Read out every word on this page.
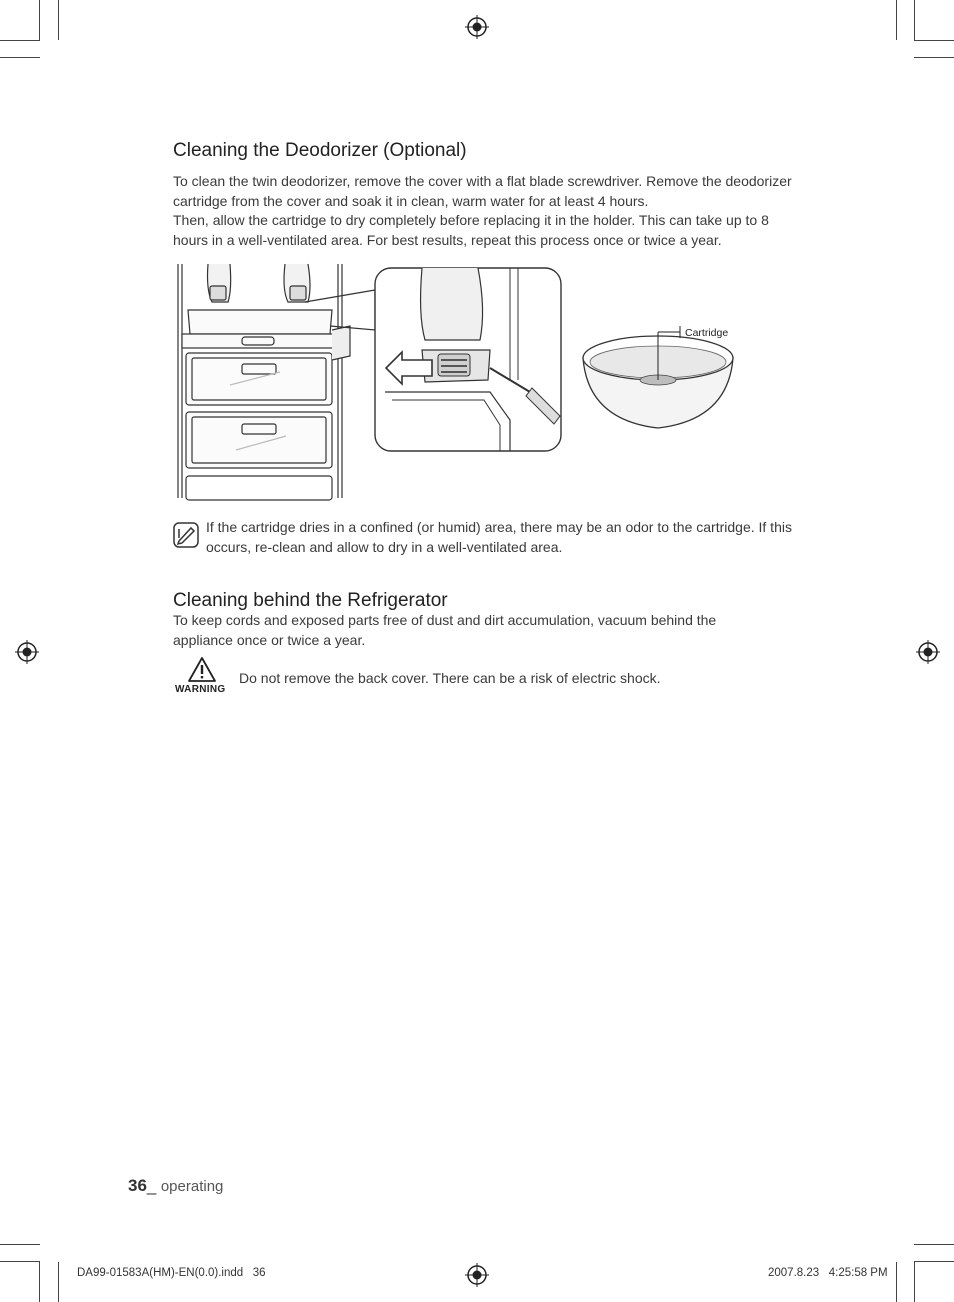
Cleaning the Deodorizer (Optional)

To clean the twin deodorizer, remove the cover with a flat blade screwdriver. Remove the deodorizer cartridge from the cover and soak it in clean, warm water for at least 4 hours.

Then, allow the cartridge to dry completely before replacing it in the holder. This can take up to 8 hours in a well-ventilated area. For best results, repeat this process once or twice a year.

Cartridge

If the cartridge dries in a confined (or humid) area, there may be an odor to the cartridge. If this occurs, re-clean and allow to dry in a well-ventilated area.

Cleaning behind the Refrigerator

To keep cords and exposed parts free of dust and dirt accumulation, vacuum behind the appliance once or twice a year.

WARNING

Do not remove the back cover. There can be a risk of electric shock.

36_ operating
DA99-01583A(HM)-EN(0.0).indd   36	2007.8.23   4:25:58 PM
